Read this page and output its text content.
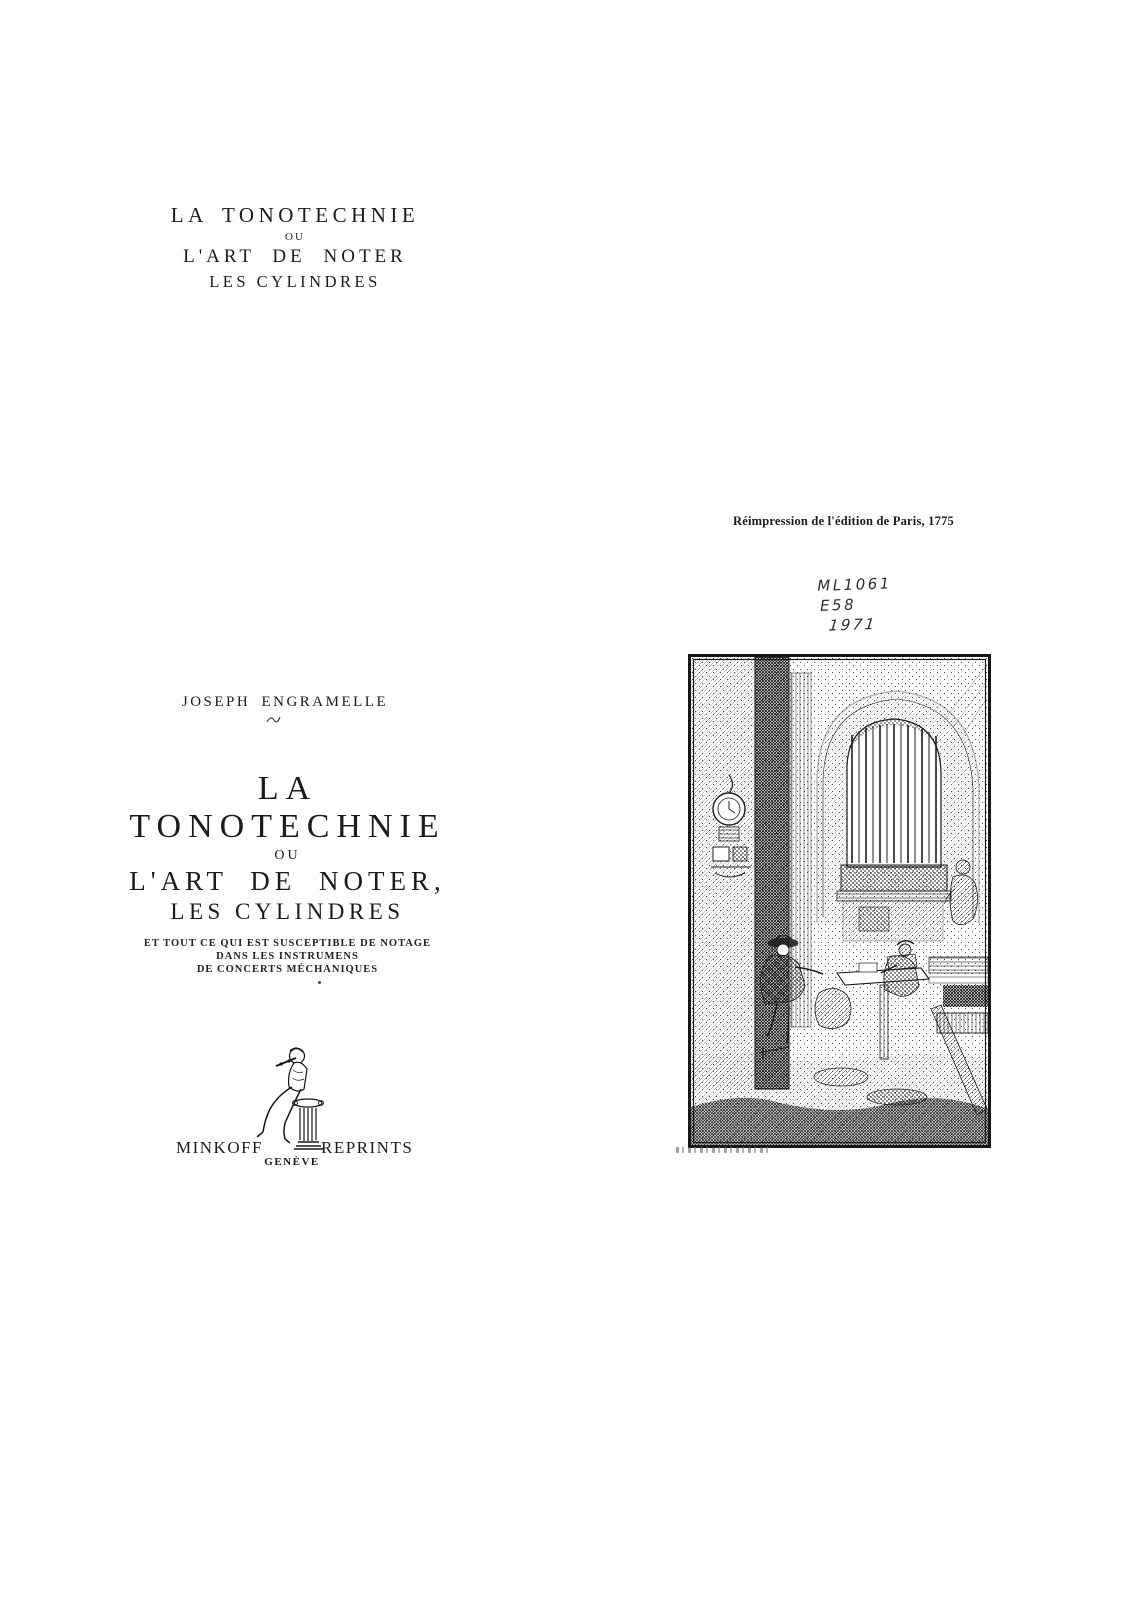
LA TONOTECHNIE
OU
L'ART DE NOTER
LES CYLINDRES
Réimpression de l'édition de Paris, 1775
ML1061
E58
1971
JOSEPH ENGRAMELLE
LA TONOTECHNIE
OU
L'ART DE NOTER,
LES CYLINDRES
ET TOUT CE QUI EST SUSCEPTIBLE DE NOTAGE
DANS LES INSTRUMENS
DE CONCERTS MÉCHANIQUES
MINKOFF	REPRINTS
GENÈVE
